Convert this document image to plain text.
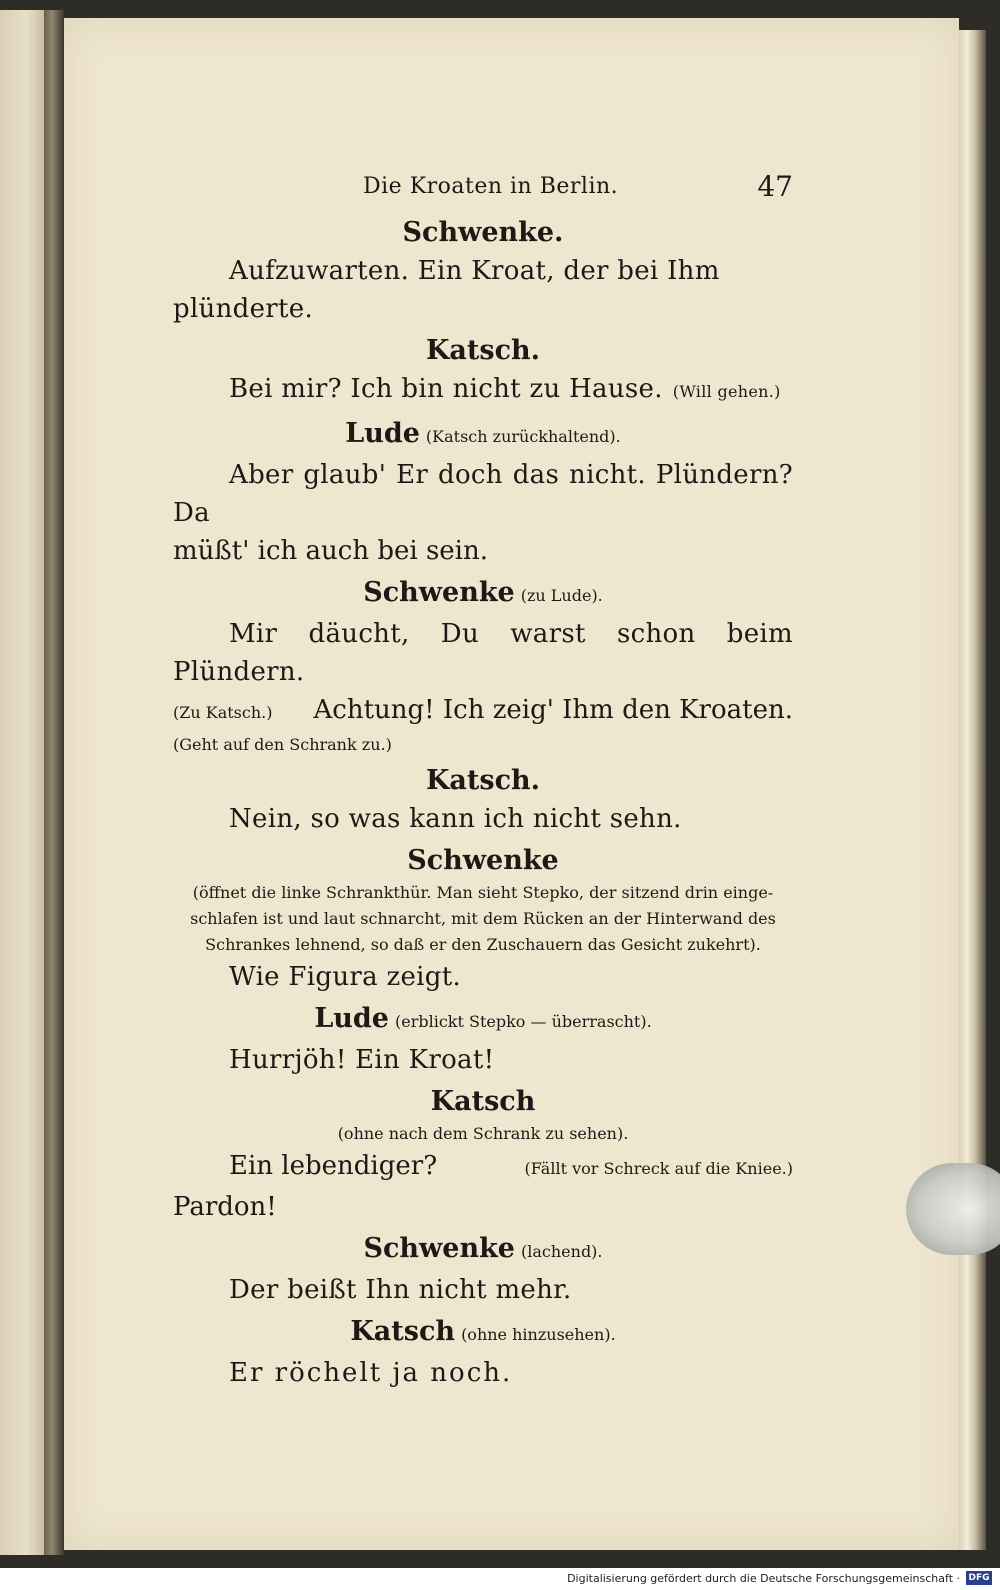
Die Kroaten in Berlin.	47

Schwenke.

Aufzuwarten. Ein Kroat, der bei Ihm plünderte.

Katsch.

Bei mir? Ich bin nicht zu Hause. (Will gehen.)

Lude (Katsch zurückhaltend).

Aber glaub' Er doch das nicht. Plündern? Da

müßt' ich auch bei sein.

Schwenke (zu Lude).

Mir däucht, Du warst schon beim Plündern.

(Zu Katsch.) Achtung! Ich zeig' Ihm den Kroaten.

(Geht auf den Schrank zu.)

Katsch.

Nein, so was kann ich nicht sehn.

Schwenke

(öffnet die linke Schrankthür. Man sieht Stepko, der sitzend drin einge-

schlafen ist und laut schnarcht, mit dem Rücken an der Hinterwand des

Schrankes lehnend, so daß er den Zuschauern das Gesicht zukehrt).

Wie Figura zeigt.

Lude (erblickt Stepko — überrascht).

Hurrjöh! Ein Kroat!

Katsch

(ohne nach dem Schrank zu sehen).

Ein lebendiger?	(Fällt vor Schreck auf die Kniee.)

Pardon!

Schwenke (lachend).

Der beißt Ihn nicht mehr.

Katsch (ohne hinzusehen).

Er röchelt ja noch.

Digitalisierung gefördert durch die Deutsche Forschungsgemeinschaft · DFG
